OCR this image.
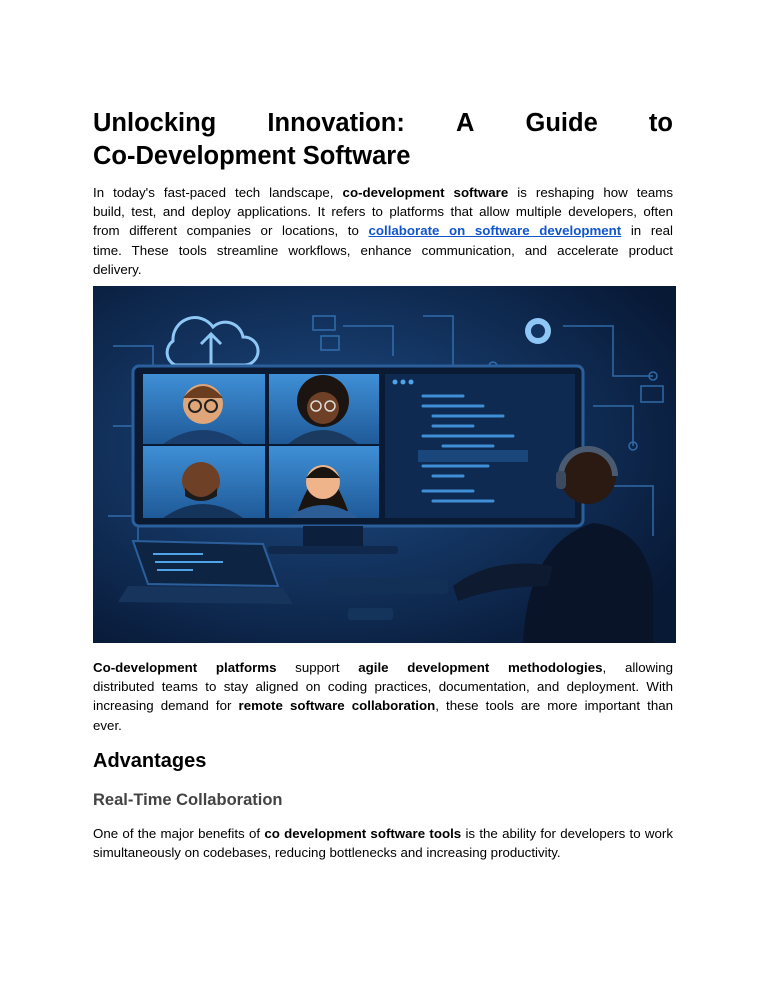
Unlocking Innovation: A Guide to
Co-Development Software

In today's fast-paced tech landscape, co-development software is reshaping how teams
build, test, and deploy applications. It refers to platforms that allow multiple developers, often
from different companies or locations, to collaborate on software development in real
time. These tools streamline workflows, enhance communication, and accelerate product
delivery.

Co-development platforms support agile development methodologies, allowing
distributed teams to stay aligned on coding practices, documentation, and deployment. With
increasing demand for remote software collaboration, these tools are more important than
ever.

Advantages
Real-Time Collaboration

One of the major benefits of co development software tools is the ability for developers to work simultaneously on codebases, reducing bottlenecks and increasing productivity.
